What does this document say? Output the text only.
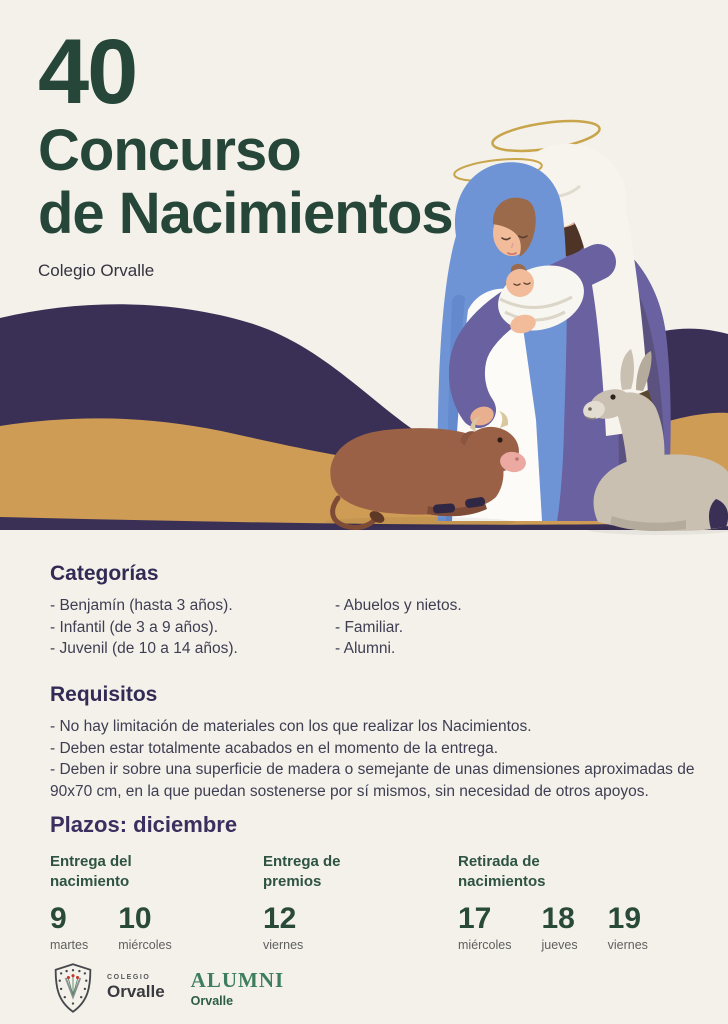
40
Concurso
de Nacimientos
Colegio Orvalle
Categorías

- Benjamín (hasta 3 años).

- Infantil (de 3 a 9 años).

- Juvenil (de 10 a 14 años).

- Abuelos y nietos.

- Familiar.

- Alumni.

Requisitos

- No hay limitación de materiales con los que realizar los Nacimientos.

- Deben estar totalmente acabados en el momento de la entrega.

- Deben ir sobre una superficie de madera o semejante de unas dimensiones aproximadas de 90x70 cm, en la que puedan sostenerse por sí mismos, sin necesidad de otros apoyos.

Plazos: diciembre
Entrega del nacimiento
9
martes
10
miércoles
Entrega de premios
12
viernes
Retirada de nacimientos
17
miércoles
18
jueves
19
viernes
COLEGIO
Orvalle ALUMNI
Orvalle
